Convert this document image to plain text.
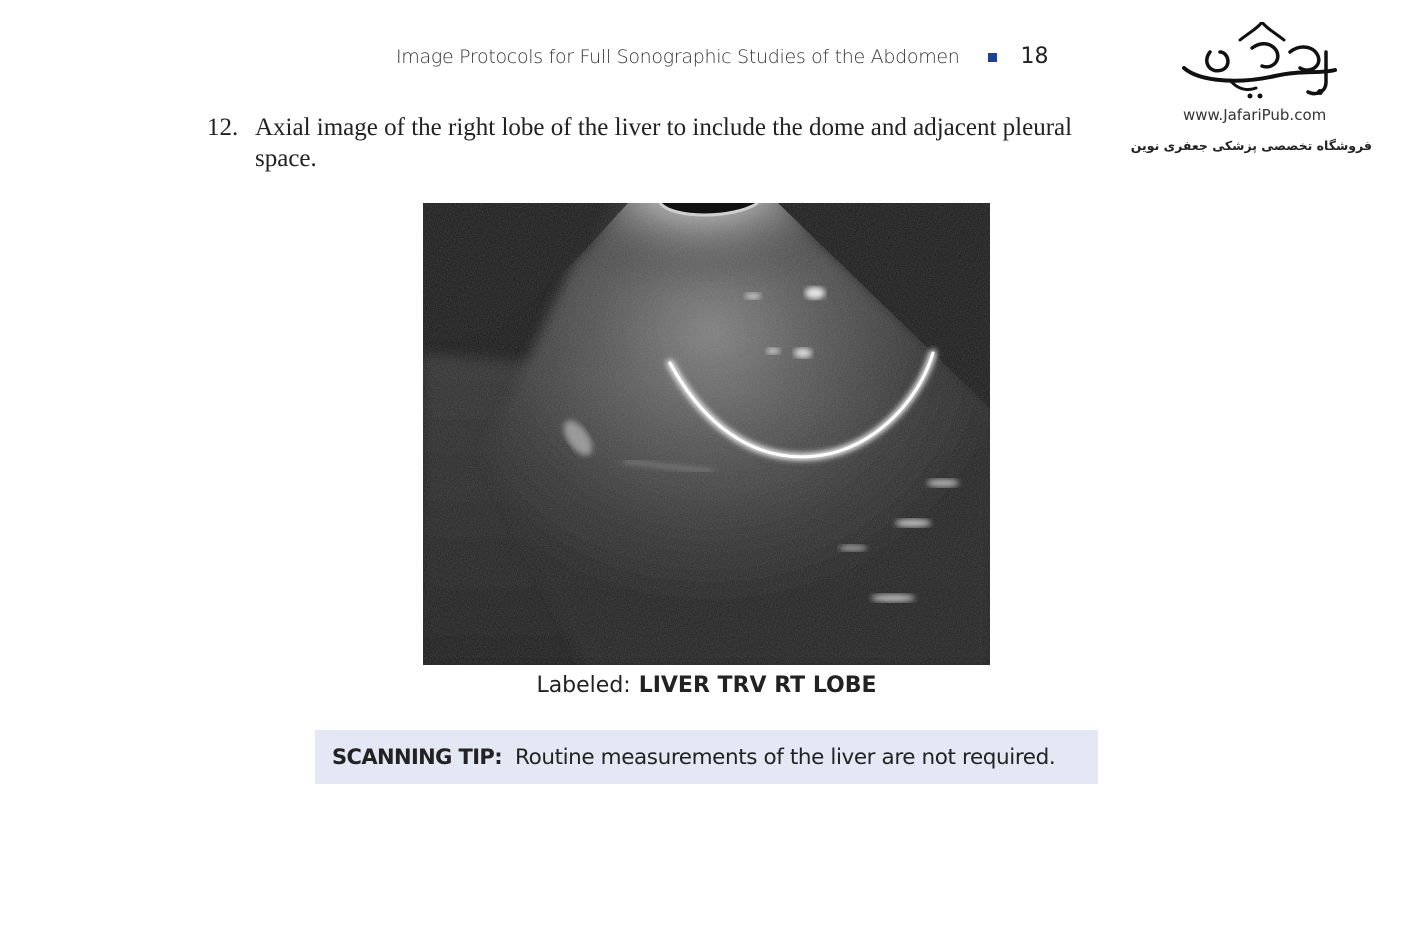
Image Protocols for Full Sonographic Studies of the Abdomen	18
www.JafariPub.com
فروشگاه تخصصی پزشکی جعفری نوین
12. Axial image of the right lobe of the liver to include the dome and adjacent pleural space.
Labeled: LIVER TRV RT LOBE
SCANNING TIP: Routine measurements of the liver are not required.
